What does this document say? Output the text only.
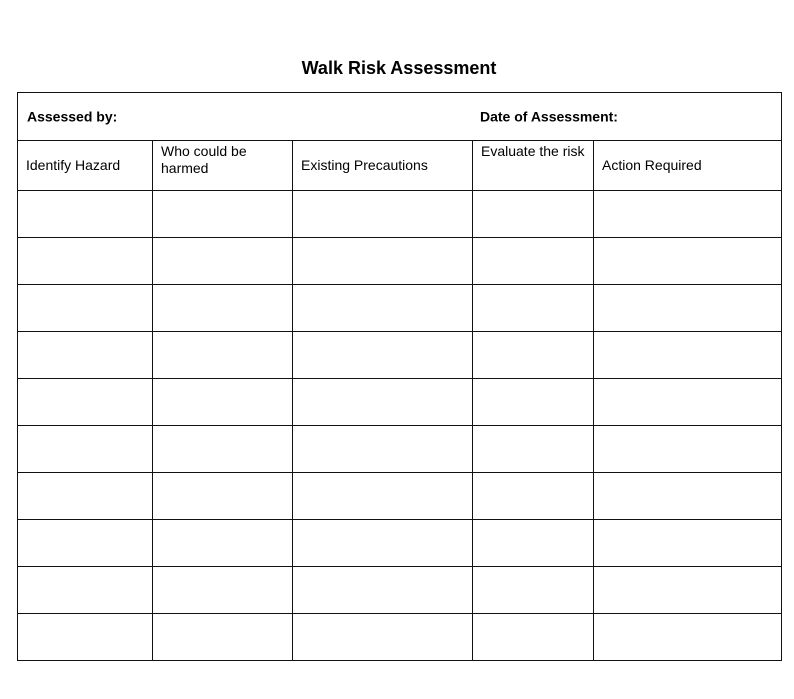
Walk Risk Assessment
Assessed by: Date of Assessment:				

Identify Hazard	Who could be harmed	Existing Precautions	Evaluate the risk	Action Required
